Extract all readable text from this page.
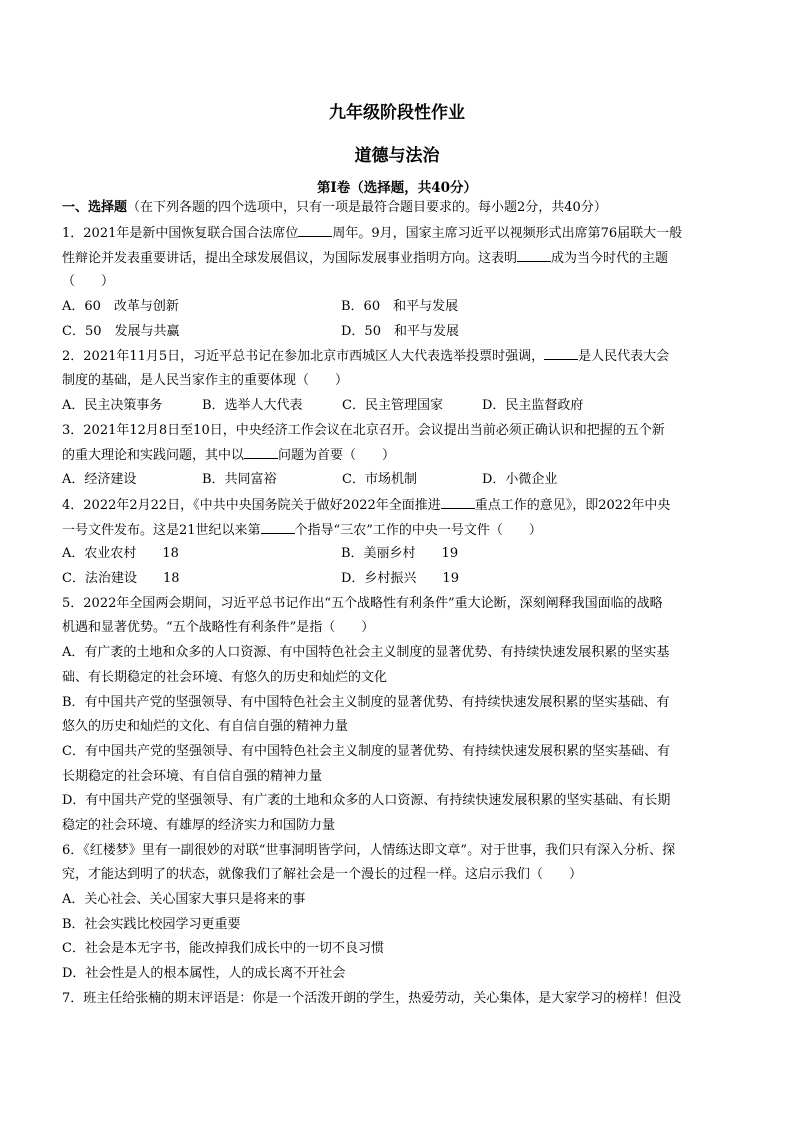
九年级阶段性作业
道德与法治
第Ⅰ卷（选择题，共40分）
一、选择题（在下列各题的四个选项中，只有一项是最符合题目要求的。每小题2分，共40分）
1．2021年是新中国恢复联合国合法席位	周年。9月，国家主席习近平以视频形式出席第76届联大一般
性辩论并发表重要讲话，提出全球发展倡议，为国际发展事业指明方向。这表明	成为当今时代的主题
（　　）
A．60　改革与创新	B．60　和平与发展
C．50　发展与共赢	D．50　和平与发展
2．2021年11月5日，习近平总书记在参加北京市西城区人大代表选举投票时强调，	是人民代表大会
制度的基础，是人民当家作主的重要体现（　　）
A．民主决策事务	B．选举人大代表	C．民主管理国家	D．民主监督政府
3．2021年12月8日至10日，中央经济工作会议在北京召开。会议提出当前必须正确认识和把握的五个新
的重大理论和实践问题，其中以	问题为首要（　　）
A．经济建设	B．共同富裕	C．市场机制	D．小微企业
4．2022年2月22日，《中共中央国务院关于做好2022年全面推进	重点工作的意见》，即2022年中央
一号文件发布。这是21世纪以来第	个指导“三农”工作的中央一号文件（　　）
A．农业农村　　18	B．美丽乡村　　19
C．法治建设　　18	D．乡村振兴　　19
5．2022年全国两会期间，习近平总书记作出“五个战略性有利条件”重大论断，深刻阐释我国面临的战略
机遇和显著优势。“五个战略性有利条件”是指（　　）
A．有广袤的土地和众多的人口资源、有中国特色社会主义制度的显著优势、有持续快速发展积累的坚实基
础、有长期稳定的社会环境、有悠久的历史和灿烂的文化
B．有中国共产党的坚强领导、有中国特色社会主义制度的显著优势、有持续快速发展积累的坚实基础、有
悠久的历史和灿烂的文化、有自信自强的精神力量
C．有中国共产党的坚强领导、有中国特色社会主义制度的显著优势、有持续快速发展积累的坚实基础、有
长期稳定的社会环境、有自信自强的精神力量
D．有中国共产党的坚强领导、有广袤的土地和众多的人口资源、有持续快速发展积累的坚实基础、有长期
稳定的社会环境、有雄厚的经济实力和国防力量
6．《红楼梦》里有一副很妙的对联“世事洞明皆学问，人情练达即文章”。对于世事，我们只有深入分析、探
究，才能达到明了的状态，就像我们了解社会是一个漫长的过程一样。这启示我们（　　）
A．关心社会、关心国家大事只是将来的事
B．社会实践比校园学习更重要
C．社会是本无字书，能改掉我们成长中的一切不良习惯
D．社会性是人的根本属性，人的成长离不开社会
7．班主任给张楠的期末评语是：你是一个活泼开朗的学生，热爱劳动，关心集体，是大家学习的榜样！但没
